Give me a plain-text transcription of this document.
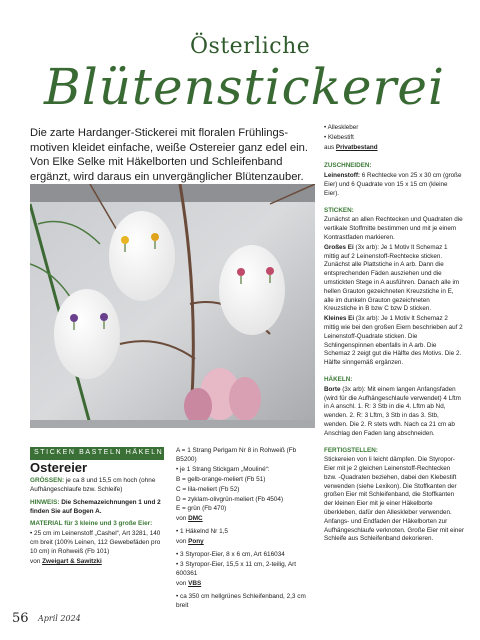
Österliche
Blütenstickerei
Die zarte Hardanger-Stickerei mit floralen Frühlingsmotiven kleidet einfache, weiße Ostereier ganz edel ein. Von Elke Selke mit Häkelborten und Schleifenband ergänzt, wird daraus ein unvergänglicher Blütenzauber.

• Alleskleber

• Klebestift

aus Privatbestand

ZUSCHNEIDEN:

Leinenstoff: 6 Rechtecke von 25 x 30 cm (große Eier) und 6 Quadrate von 15 x 15 cm (kleine Eier).

STICKEN:

Zunächst an allen Rechtecken und Quadraten die vertikale Stoffmitte bestimmen und mit je einem Kontrastfaden markieren.

Großes Ei (3x arb): Je 1 Motiv lt Schemaz 1 mittig auf 2 Leinenstoff-Rechtecke sticken. Zunächst alle Plattstiche in A arb. Dann die entsprechenden Fäden ausziehen und die umstickten Stege in A ausführen. Danach alle im hellen Grauton gezeichneten Kreuzstiche in E, alle im dunkeln Grauton gezeichneten Kreuzstiche in B bzw C bzw D sticken.

Kleines Ei (3x arb): Je 1 Motiv lt Schemaz 2 mittig wie bei den großen Eiern beschrieben auf 2 Leinenstoff-Quadrate sticken. Die Schlingenspinnen ebenfalls in A arb. Die Schemaz 2 zeigt gut die Hälfte des Motivs. Die 2. Hälfte sinngemäß ergänzen.

HÄKELN:

Borte (3x arb): Mit einem langen Anfangsfaden (wird für die Aufhängeschlaufe verwendet) 4 Lftm in A anschl. 1. R: 3 Stb in die 4. Lftm ab Nd, wenden. 2. R: 3 Lftm, 3 Stb in das 3. Stb, wenden. Die 2. R stets wdh. Nach ca 21 cm ab Anschlag den Faden lang abschneiden.

FERTIGSTELLEN:

Stickereien von li leicht dämpfen. Die Styropor-Eier mit je 2 gleichen Leinenstoff-Rechtecken bzw. -Quadraten beziehen, dabei den Klebestift verwenden (siehe Lexikon). Die Stoffkanten der großen Eier mit Schleifenband, die Stoffkanten der kleinen Eier mit je einer Häkelborte überkleben, dafür den Alleskleber verwenden. Anfangs- und Endfaden der Häkelborten zur Aufhängeschlaufe verknoten. Große Eier mit einer Schleife aus Schleifenband dekorieren.

STICKEN BASTELN HÄKELN
Ostereier

GRÖSSEN: je ca 8 und 15,5 cm hoch (ohne Aufhängeschlaufe bzw. Schleife)

HINWEIS: Die Schemazeichnungen 1 und 2 finden Sie auf Bogen A.

MATERIAL für 3 kleine und 3 große Eier:

• 25 cm im Leinenstoff „Cashel“, Art 3281, 140 cm breit (100% Leinen, 112 Gewebefäden pro 10 cm) in Rohweiß (Fb 101)

von Zweigart & Sawitzki

A = 1 Strang Perlgarn Nr 8 in Rohweiß (Fb B5200)

• je 1 Strang Stickgarn „Mouliné“:

B = gelb-orange-meliert (Fb 51)

C = lila-meliert (Fb 52)

D = zyklam-olivgrün-meliert (Fb 4504)

E = grün (Fb 470)

von DMC

• 1 Häkelnd Nr 1,5

von Pony

• 3 Styropor-Eier, 8 x 6 cm, Art 616034

• 3 Styropor-Eier, 15,5 x 11 cm, 2-teilig, Art 600361

von VBS

• ca 350 cm hellgrünes Schleifenband, 2,3 cm breit

56 April 2024
